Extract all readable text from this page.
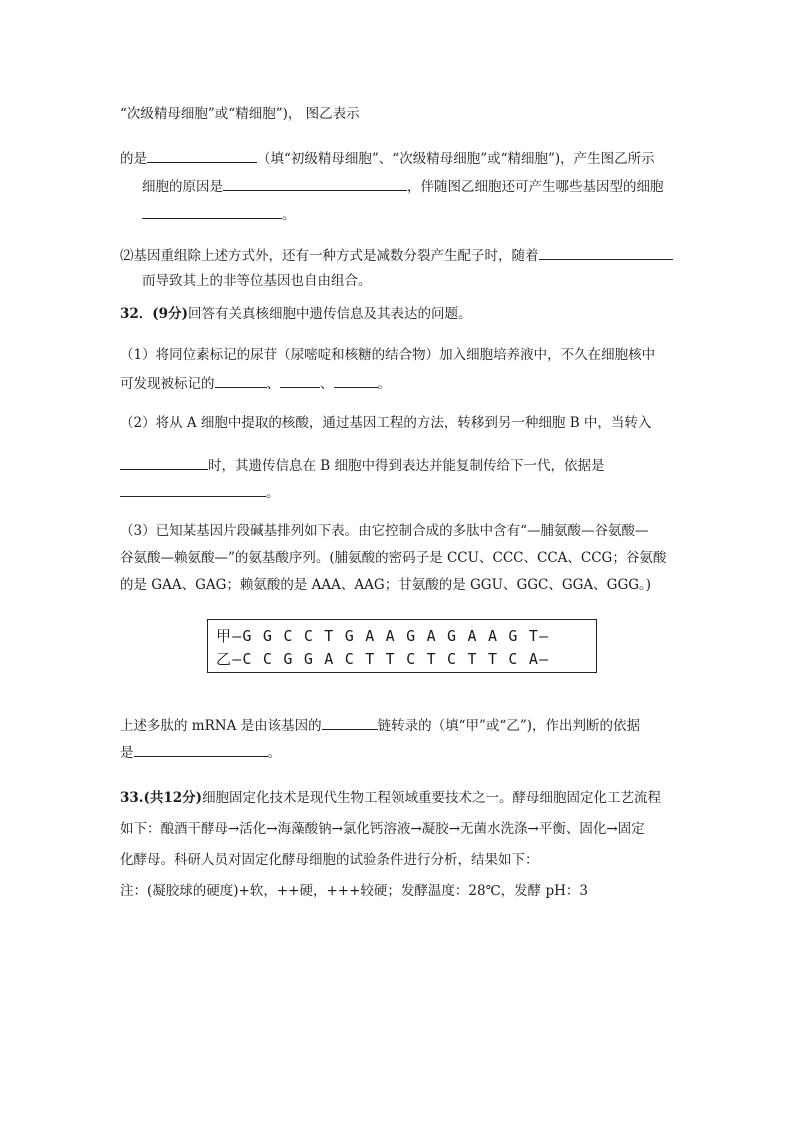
“次级精母细胞”或“精细胞”)， 图乙表示
的是	（填“初级精母细胞”、“次级精母细胞”或“精细胞”)，产生图乙所示
细胞的原因是	，伴随图乙细胞还可产生哪些基因型的细胞
。
⑵基因重组除上述方式外，还有一种方式是减数分裂产生配子时，随着
而导致其上的非等位基因也自由组合。
32．(9分)回答有关真核细胞中遗传信息及其表达的问题。
（1）将同位素标记的尿苷（尿嘧啶和核糖的结合物）加入细胞培养液中，不久在细胞核中
可发现被标记的	、	、	。
（2）将从 A 细胞中提取的核酸，通过基因工程的方法，转移到另一种细胞 B 中，当转入
时，其遗传信息在 B 细胞中得到表达并能复制传给下一代，依据是
。
（3）已知某基因片段碱基排列如下表。由它控制合成的多肽中含有“—脯氨酸—谷氨酸—
谷氨酸—赖氨酸—”的氨基酸序列。(脯氨酸的密码子是 CCU、CCC、CCA、CCG；谷氨酸
的是 GAA、GAG；赖氨酸的是 AAA、AAG；甘氨酸的是 GGU、GGC、GGA、GGG。)
甲—G G C C T G A A G A G A A G T—
乙—C C G G A C T T C T C T T C A—
上述多肽的 mRNA 是由该基因的	链转录的（填“甲”或“乙”)，作出判断的依据
是	。
33.(共12分)细胞固定化技术是现代生物工程领域重要技术之一。酵母细胞固定化工艺流程
如下：酿酒干酵母→活化→海藻酸钠→氯化钙溶液→凝胶→无菌水洗涤→平衡、固化→固定
化酵母。科研人员对固定化酵母细胞的试验条件进行分析，结果如下：
注：(凝胶球的硬度)+软，++硬，+++较硬；发酵温度：28℃，发酵 pH：3
